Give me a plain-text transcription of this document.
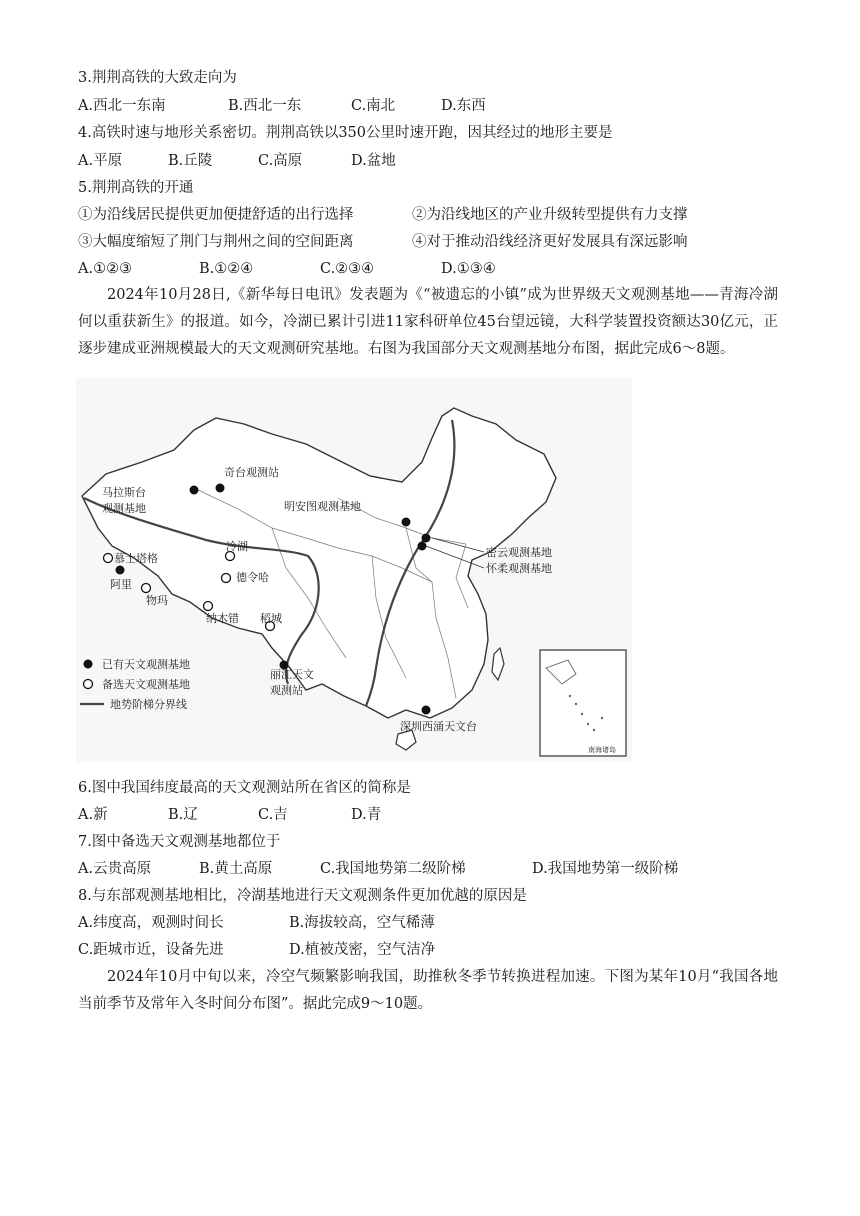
3.荆荆高铁的大致走向为
A.西北一东南	B.西北一东	C.南北	D.东西
4.高铁时速与地形关系密切。荆荆高铁以350公里时速开跑，因其经过的地形主要是
A.平原	B.丘陵	C.高原	D.盆地
5.荆荆高铁的开通
①为沿线居民提供更加便捷舒适的出行选择	②为沿线地区的产业升级转型提供有力支撑
③大幅度缩短了荆门与荆州之间的空间距离	④对于推动沿线经济更好发展具有深远影响
A.①②③	B.①②④	C.②③④	D.①③④
2024年10月28日,《新华每日电讯》发表题为《“被遗忘的小镇”成为世界级天文观测基地——青海冷湖何以重获新生》的报道。如今，冷湖已累计引进11家科研单位45台望远镜，大科学装置投资额达30亿元，正逐步建成亚洲规模最大的天文观测研究基地。右图为我国部分天文观测基地分布图，据此完成6～8题。
奇台观测站
马拉斯台
观测基地	明安图观测基地
慕士塔格
阿里
物玛
冷湖
德令哈
纳木错 稻城
丽江天文
观测站
密云观测基地
怀柔观测基地
深圳西涌天文台
已有天文观测基地
备选天文观测基地
地势阶梯分界线
南海诸岛
6.图中我国纬度最高的天文观测站所在省区的简称是
A.新	B.辽	C.吉	D.青
7.图中备选天文观测基地都位于
A.云贵高原	B.黄土高原	C.我国地势第二级阶梯	D.我国地势第一级阶梯
8.与东部观测基地相比，冷湖基地进行天文观测条件更加优越的原因是
A.纬度高，观测时间长	B.海拔较高，空气稀薄
C.距城市近，设备先进	D.植被茂密，空气洁净
2024年10月中旬以来，冷空气频繁影响我国，助推秋冬季节转换进程加速。下图为某年10月“我国各地当前季节及常年入冬时间分布图”。据此完成9～10题。
